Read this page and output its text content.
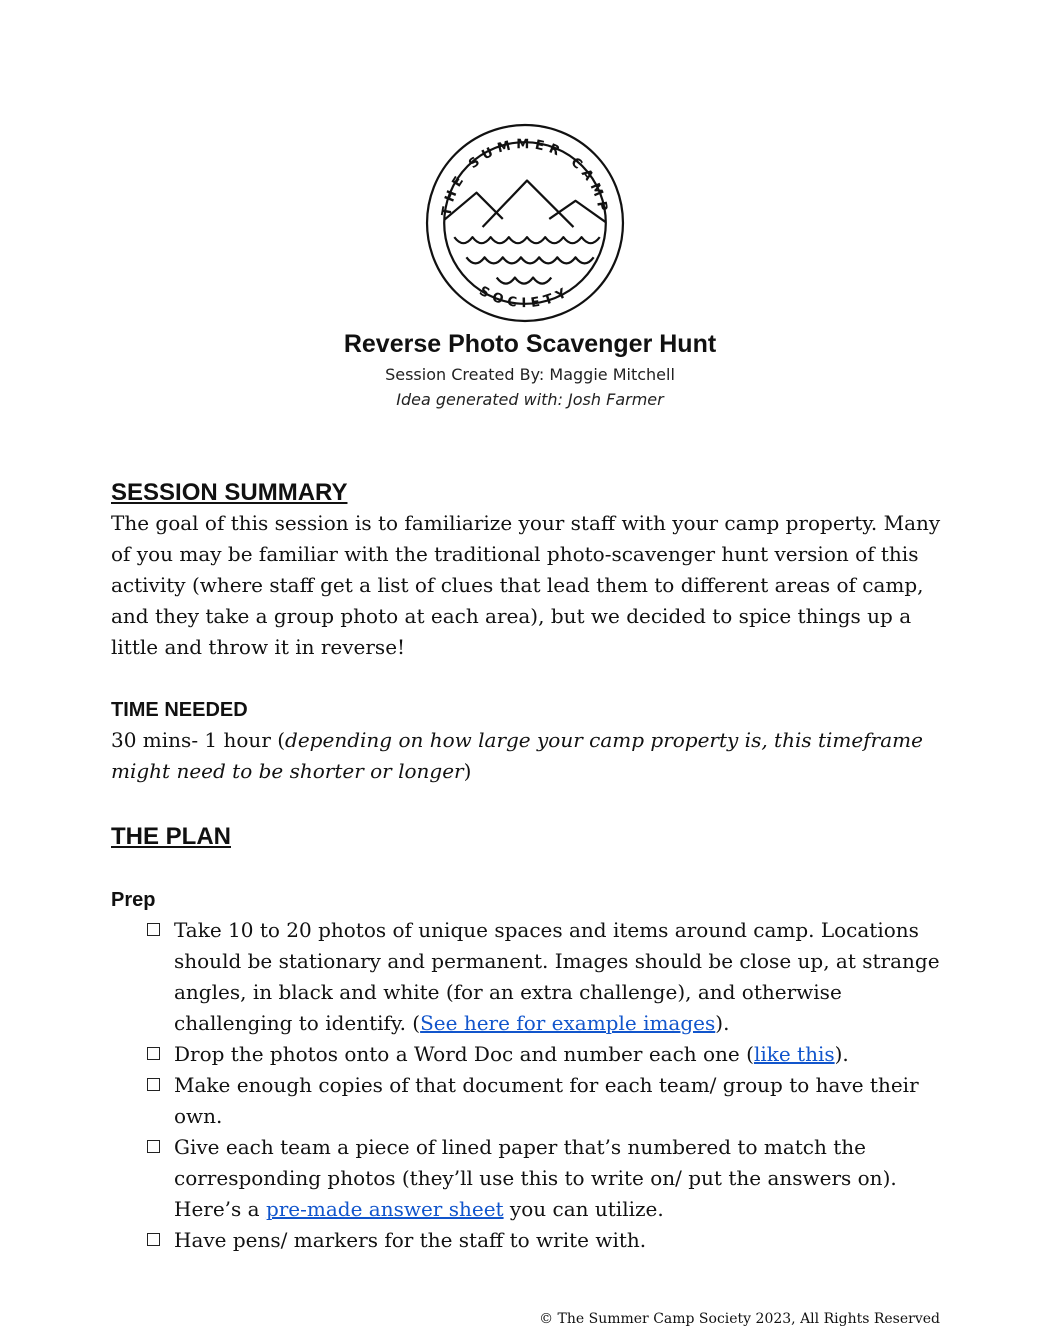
THE SUMMER CAMP
SOCIETY
Reverse Photo Scavenger Hunt

Session Created By: Maggie Mitchell

Idea generated with: Josh Farmer

SESSION SUMMARY

The goal of this session is to familiarize your staff with your camp property. Many of you may be familiar with the traditional photo-scavenger hunt version of this activity (where staff get a list of clues that lead them to different areas of camp, and they take a group photo at each area), but we decided to spice things up a little and throw it in reverse!

TIME NEEDED

30 mins- 1 hour (depending on how large your camp property is, this timeframe might need to be shorter or longer)

THE PLAN
Prep
Take 10 to 20 photos of unique spaces and items around camp. Locations should be stationary and permanent. Images should be close up, at strange angles, in black and white (for an extra challenge), and otherwise challenging to identify. (See here for example images).
Drop the photos onto a Word Doc and number each one (like this).
Make enough copies of that document for each team/ group to have their own.
Give each team a piece of lined paper that’s numbered to match the corresponding photos (they’ll use this to write on/ put the answers on). Here’s a pre-made answer sheet you can utilize.
Have pens/ markers for the staff to write with.
© The Summer Camp Society 2023, All Rights Reserved
